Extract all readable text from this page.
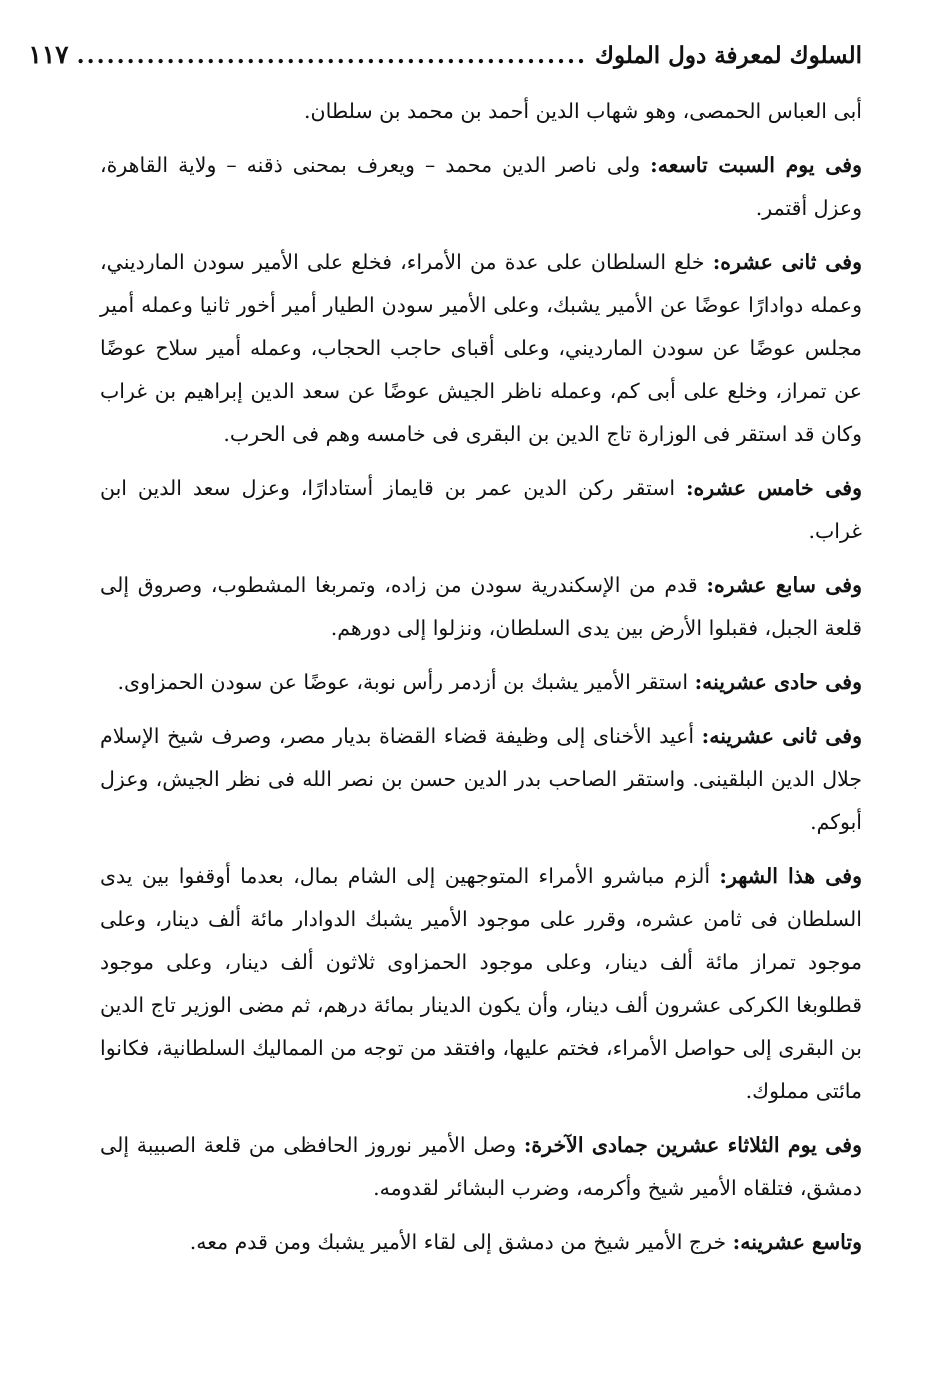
السلوك لمعرفة دول الملوك
...................................................
١١٧

أبى العباس الحمصى، وهو شهاب الدين أحمد بن محمد بن سلطان.

وفى يوم السبت تاسعه: ولى ناصر الدين محمد – ويعرف بمحنى ذقنه – ولاية القاهرة، وعزل أقتمر.

وفى ثانى عشره: خلع السلطان على عدة من الأمراء، فخلع على الأمير سودن المارديني، وعمله دوادارًا عوضًا عن الأمير يشبك، وعلى الأمير سودن الطيار أمير أخور ثانيا وعمله أمير مجلس عوضًا عن سودن المارديني، وعلى أقباى حاجب الحجاب، وعمله أمير سلاح عوضًا عن تمراز، وخلع على أبى كم، وعمله ناظر الجيش عوضًا عن سعد الدين إبراهيم بن غراب وكان قد استقر فى الوزارة تاج الدين بن البقرى فى خامسه وهم فى الحرب.

وفى خامس عشره: استقر ركن الدين عمر بن قايماز أستادارًا، وعزل سعد الدين ابن غراب.

وفى سابع عشره: قدم من الإسكندرية سودن من زاده، وتمربغا المشطوب، وصروق إلى قلعة الجبل، فقبلوا الأرض بين يدى السلطان، ونزلوا إلى دورهم.

وفى حادى عشرينه: استقر الأمير يشبك بن أزدمر رأس نوبة، عوضًا عن سودن الحمزاوى.

وفى ثانى عشرينه: أعيد الأخناى إلى وظيفة قضاء القضاة بديار مصر، وصرف شيخ الإسلام جلال الدين البلقينى. واستقر الصاحب بدر الدين حسن بن نصر الله فى نظر الجيش، وعزل أبوكم.

وفى هذا الشهر: ألزم مباشرو الأمراء المتوجهين إلى الشام بمال، بعدما أوقفوا بين يدى السلطان فى ثامن عشره، وقرر على موجود الأمير يشبك الدوادار مائة ألف دينار، وعلى موجود تمراز مائة ألف دينار، وعلى موجود الحمزاوى ثلاثون ألف دينار، وعلى موجود قطلوبغا الكركى عشرون ألف دينار، وأن يكون الدينار بمائة درهم، ثم مضى الوزير تاج الدين بن البقرى إلى حواصل الأمراء، فختم عليها، وافتقد من توجه من المماليك السلطانية، فكانوا مائتى مملوك.

وفى يوم الثلاثاء عشرين جمادى الآخرة: وصل الأمير نوروز الحافظى من قلعة الصبيبة إلى دمشق، فتلقاه الأمير شيخ وأكرمه، وضرب البشائر لقدومه.

وتاسع عشرينه: خرج الأمير شيخ من دمشق إلى لقاء الأمير يشبك ومن قدم معه.
